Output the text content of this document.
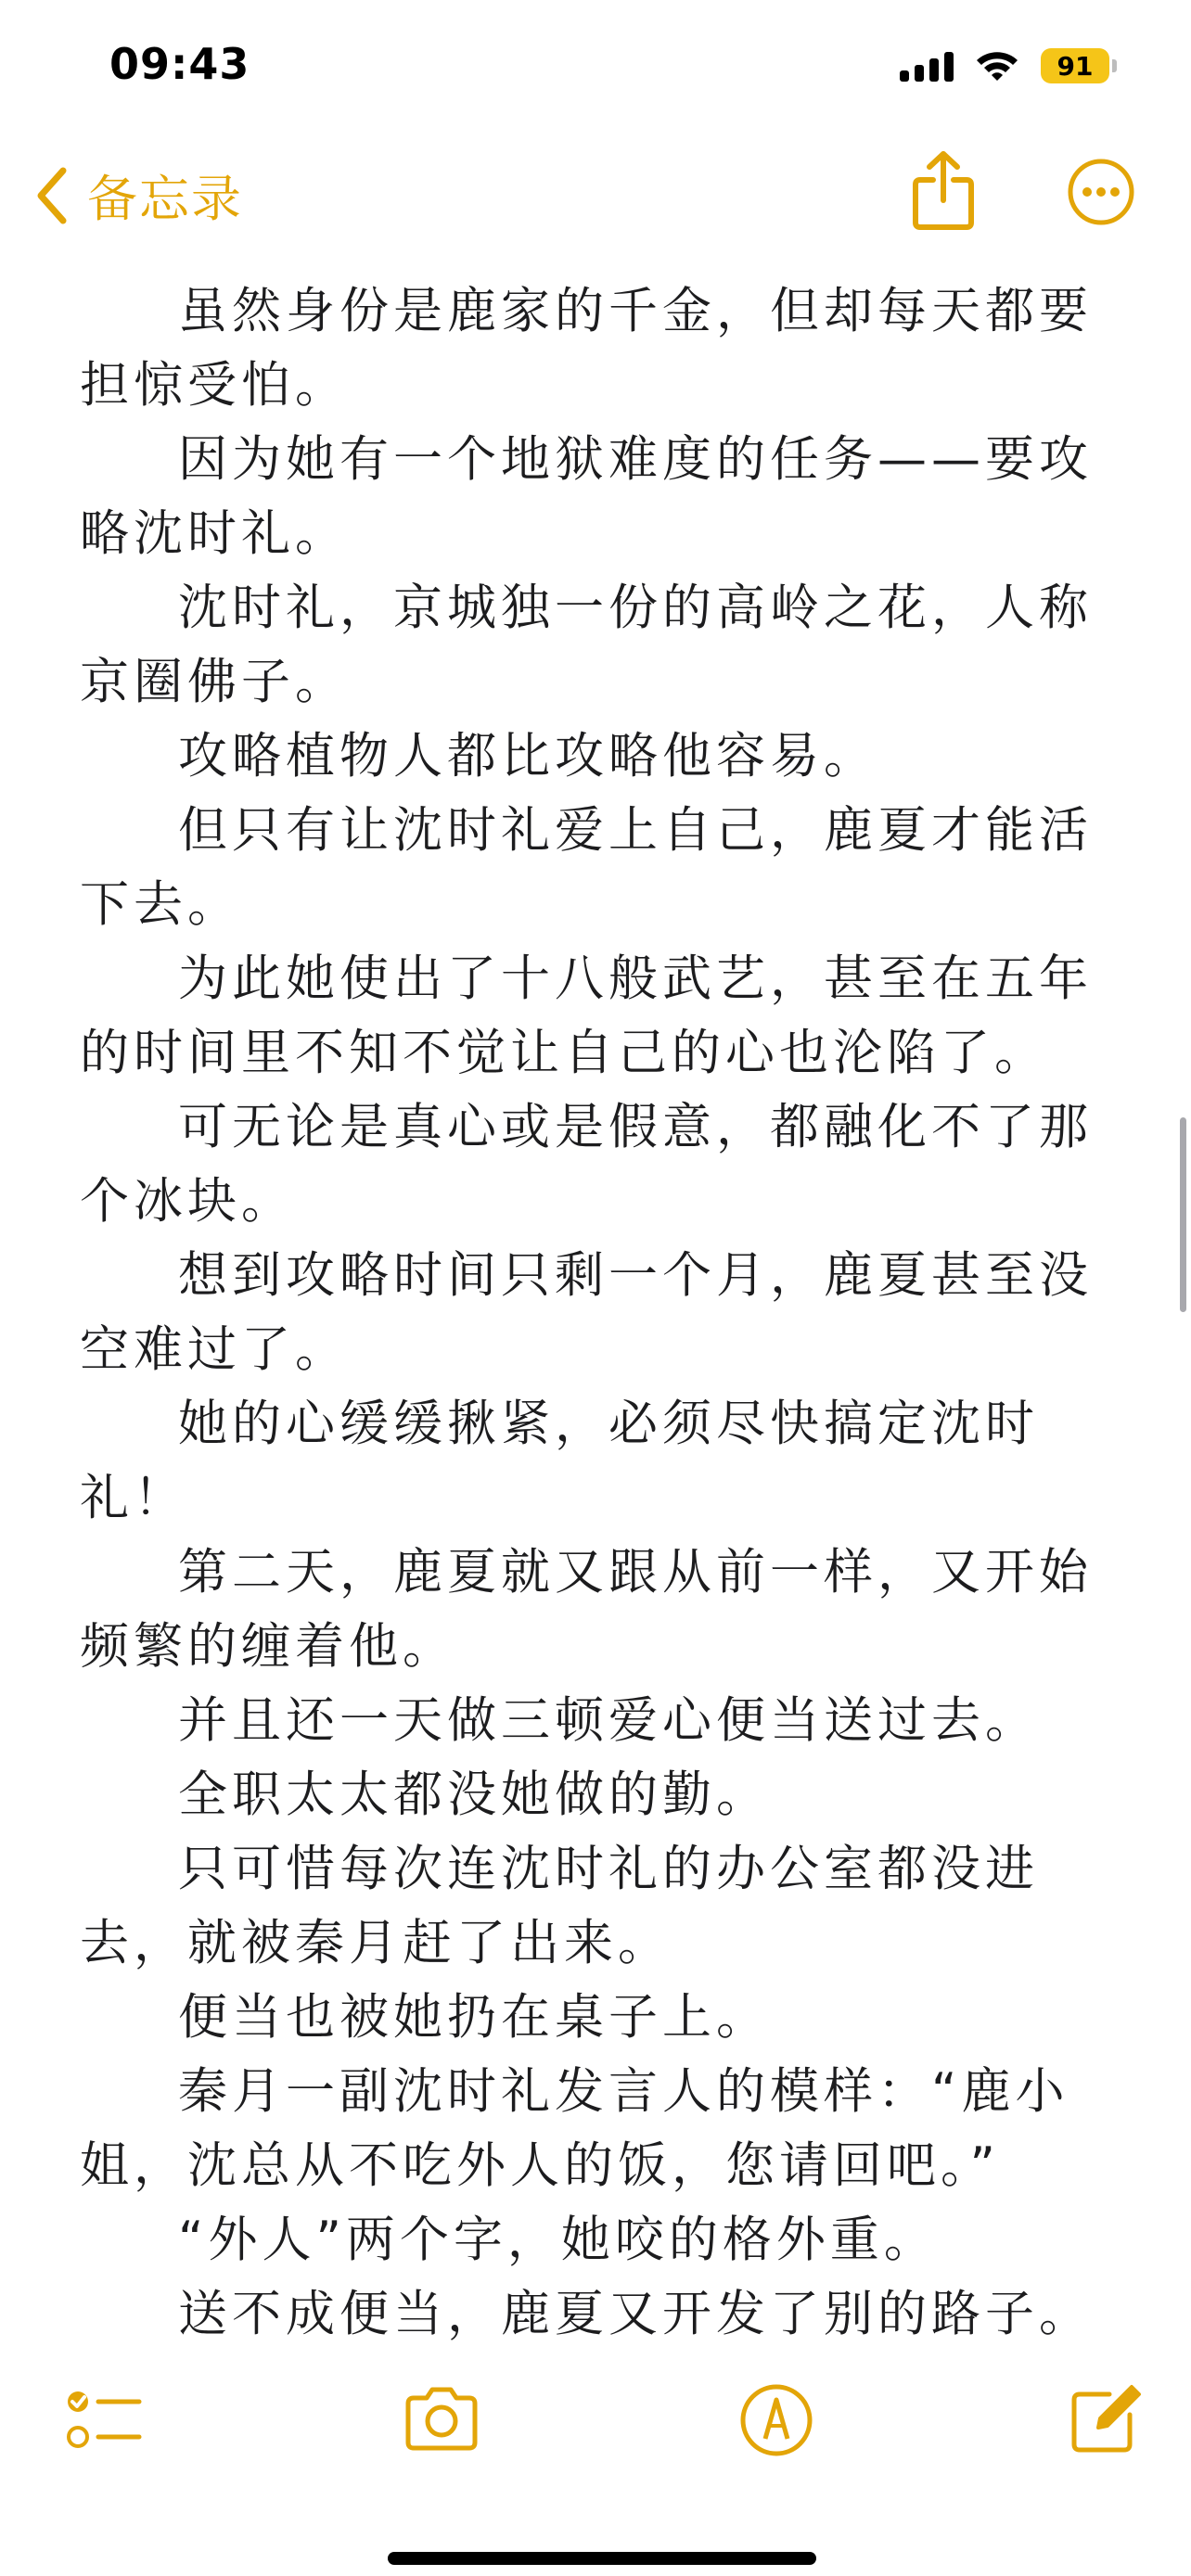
09:43	91
备忘录

虽然身份是鹿家的千金，但却每天都要担惊受怕。

因为她有一个地狱难度的任务——要攻略沈时礼。

沈时礼，京城独一份的高岭之花，人称京圈佛子。

攻略植物人都比攻略他容易。

但只有让沈时礼爱上自己，鹿夏才能活下去。

为此她使出了十八般武艺，甚至在五年的时间里不知不觉让自己的心也沦陷了。

可无论是真心或是假意，都融化不了那个冰块。

想到攻略时间只剩一个月，鹿夏甚至没空难过了。

她的心缓缓揪紧，必须尽快搞定沈时礼！

第二天，鹿夏就又跟从前一样，又开始频繁的缠着他。

并且还一天做三顿爱心便当送过去。

全职太太都没她做的勤。

只可惜每次连沈时礼的办公室都没进去，就被秦月赶了出来。

便当也被她扔在桌子上。

秦月一副沈时礼发言人的模样：“鹿小姐，沈总从不吃外人的饭，您请回吧。”

“外人”两个字，她咬的格外重。

送不成便当，鹿夏又开发了别的路子。
